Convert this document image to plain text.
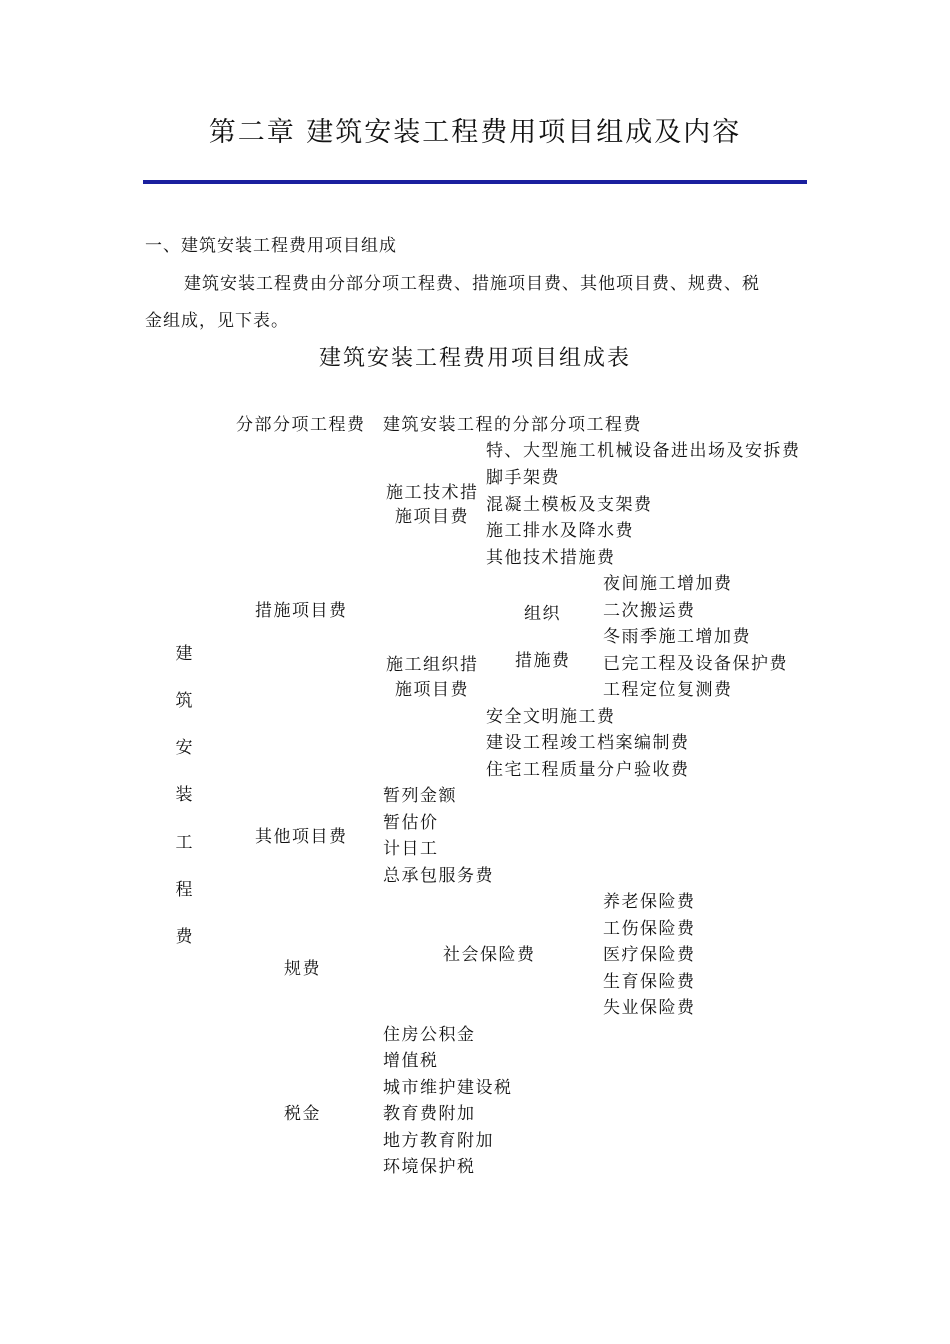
第二章 建筑安装工程费用项目组成及内容
一、建筑安装工程费用项目组成
建筑安装工程费由分部分项工程费、措施项目费、其他项目费、规费、税
金组成，见下表。
建筑安装工程费用项目组成表
建
筑
安
装
工
程
费
分部分项工程费 建筑安装工程的分部分项工程费
措施项目费
施工技术措
施项目费
特、大型施工机械设备进出场及安拆费
脚手架费
混凝土模板及支架费
施工排水及降水费
其他技术措施费
施工组织措
施项目费
组织
措施费
夜间施工增加费
二次搬运费
冬雨季施工增加费
已完工程及设备保护费
工程定位复测费
安全文明施工费
建设工程竣工档案编制费
住宅工程质量分户验收费
其他项目费
暂列金额
暂估价
计日工
总承包服务费
规费
社会保险费
养老保险费
工伤保险费
医疗保险费
生育保险费
失业保险费
住房公积金
税金
增值税
城市维护建设税
教育费附加
地方教育附加
环境保护税
